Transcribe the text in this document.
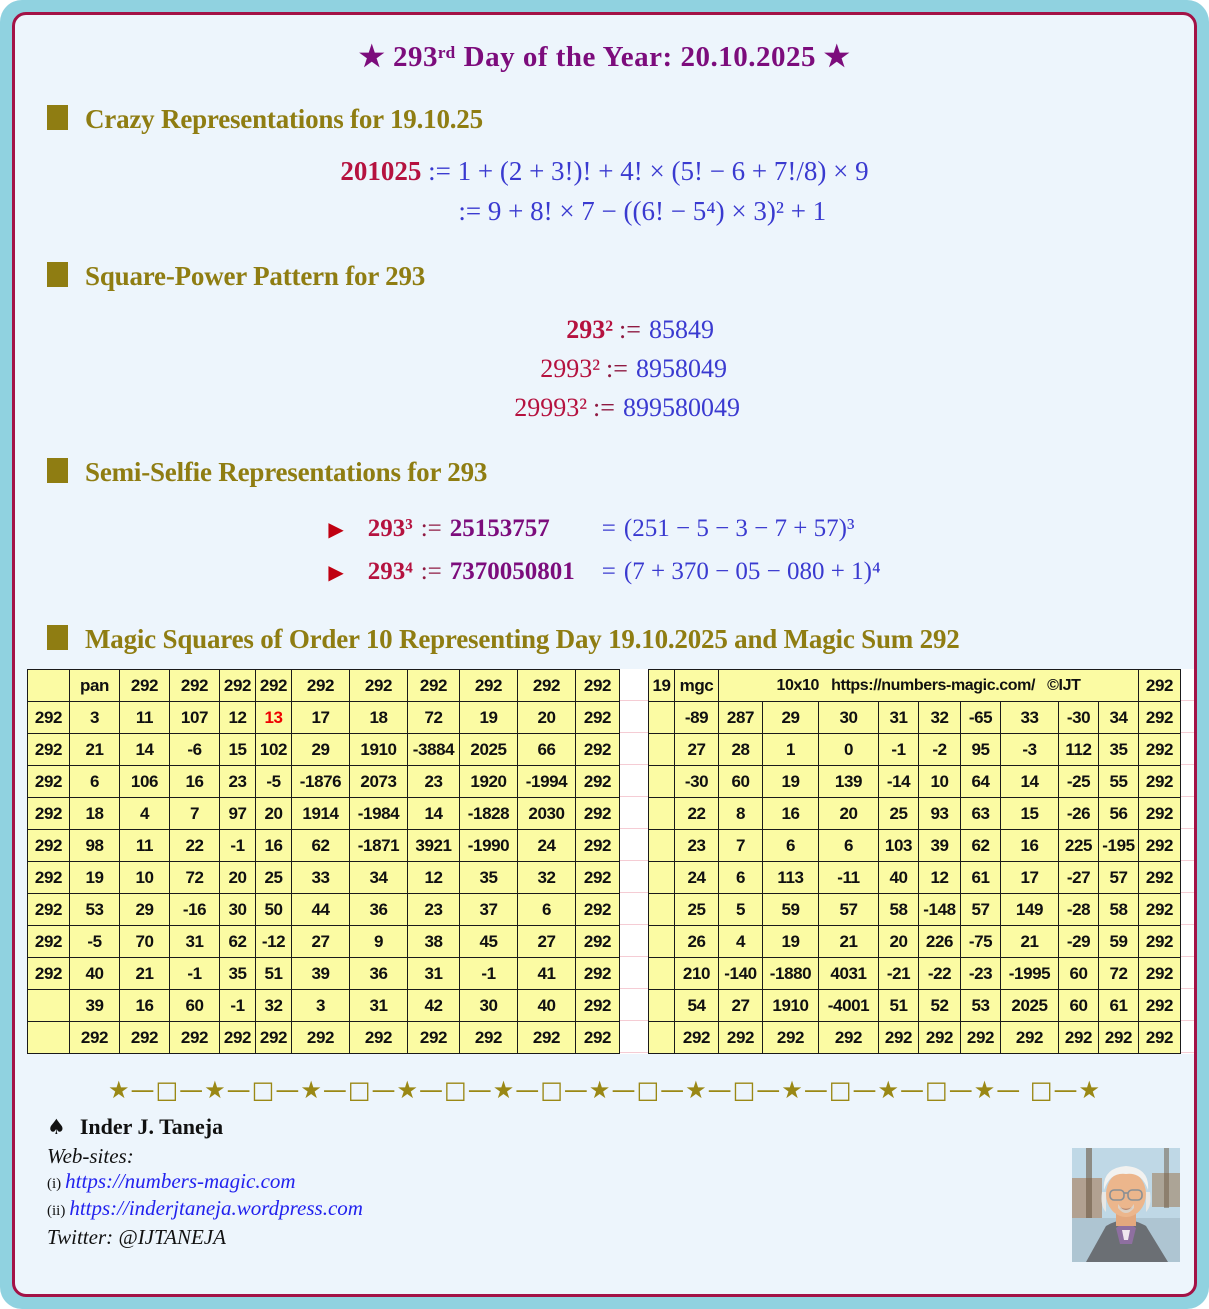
★ 293ʳᵈ Day of the Year: 20.10.2025 ★
Crazy Representations for 19.10.25
201025 := 1 + (2 + 3!)! + 4! × (5! − 6 + 7!/8) × 9
:= 9 + 8! × 7 − ((6! − 5⁴) × 3)² + 1
Square-Power Pattern for 293
293² := 85849
2993² := 8958049
29993² := 899580049
Semi-Selfie Representations for 293
▶ 293³ := 25153757 = (251 − 5 − 3 − 7 + 57)³
▶ 293⁴ := 7370050801 = (7 + 370 − 05 − 080 + 1)⁴
Magic Squares of Order 10 Representing Day 19.10.2025 and Magic Sum 292
	pan	292	292	292	292	292	292	292	292	292	292
292	3	11	107	12	13	17	18	72	19	20	292
292	21	14	-6	15	102	29	1910	-3884	2025	66	292
292	6	106	16	23	-5	-1876	2073	23	1920	-1994	292
292	18	4	7	97	20	1914	-1984	14	-1828	2030	292
292	98	11	22	-1	16	62	-1871	3921	-1990	24	292
292	19	10	72	20	25	33	34	12	35	32	292
292	53	29	-16	30	50	44	36	23	37	6	292
292	-5	70	31	62	-12	27	9	38	45	27	292
292	40	21	-1	35	51	39	36	31	-1	41	292
	39	16	60	-1	32	3	31	42	30	40	292
	292	292	292	292	292	292	292	292	292	292	292
19	mgc	10x10   https://numbers-magic.com/   ©IJT									292
	-89	287	29	30	31	32	-65	33	-30	34	292
	27	28	1	0	-1	-2	95	-3	112	35	292
	-30	60	19	139	-14	10	64	14	-25	55	292
	22	8	16	20	25	93	63	15	-26	56	292
	23	7	6	6	103	39	62	16	225	-195	292
	24	6	113	-11	40	12	61	17	-27	57	292
	25	5	59	57	58	-148	57	149	-28	58	292
	26	4	19	21	20	226	-75	21	-29	59	292
	210	-140	-1880	4031	-21	-22	-23	-1995	60	72	292
	54	27	1910	-4001	51	52	53	2025	60	61	292
	292	292	292	292	292	292	292	292	292	292	292
★—□—★—□—★—□—★—□—★—□—★—□—★—□—★—□—★—□—★— □—★
♠ Inder J. Taneja
Web-sites:
(i) https://numbers-magic.com
(ii) https://inderjtaneja.wordpress.com
Twitter: @IJTANEJA
